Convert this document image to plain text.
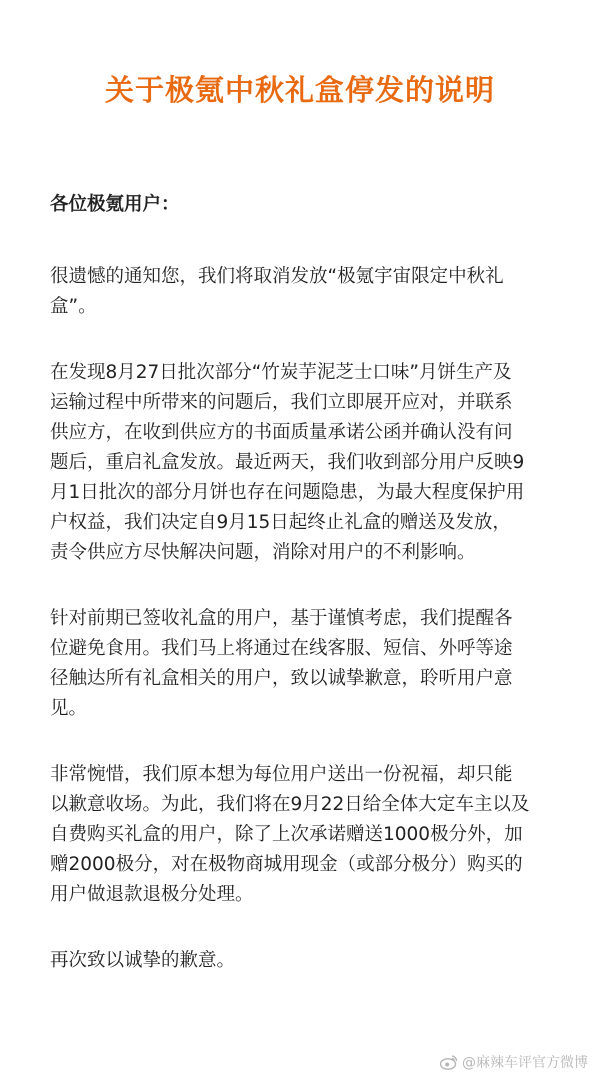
关于极氪中秋礼盒停发的说明
各位极氪用户：
很遗憾的通知您，我们将取消发放“极氪宇宙限定中秋礼
盒”。
在发现8月27日批次部分“竹炭芋泥芝士口味”月饼生产及
运输过程中所带来的问题后，我们立即展开应对，并联系
供应方，在收到供应方的书面质量承诺公函并确认没有问
题后，重启礼盒发放。最近两天，我们收到部分用户反映9
月1日批次的部分月饼也存在问题隐患，为最大程度保护用
户权益，我们决定自9月15日起终止礼盒的赠送及发放，
责令供应方尽快解决问题，消除对用户的不利影响。
针对前期已签收礼盒的用户，基于谨慎考虑，我们提醒各
位避免食用。我们马上将通过在线客服、短信、外呼等途
径触达所有礼盒相关的用户，致以诚挚歉意，聆听用户意
见。
非常惋惜，我们原本想为每位用户送出一份祝福，却只能
以歉意收场。为此，我们将在9月22日给全体大定车主以及
自费购买礼盒的用户，除了上次承诺赠送1000极分外，加
赠2000极分，对在极物商城用现金（或部分极分）购买的
用户做退款退极分处理。
再次致以诚挚的歉意。
@麻辣车评官方微博
